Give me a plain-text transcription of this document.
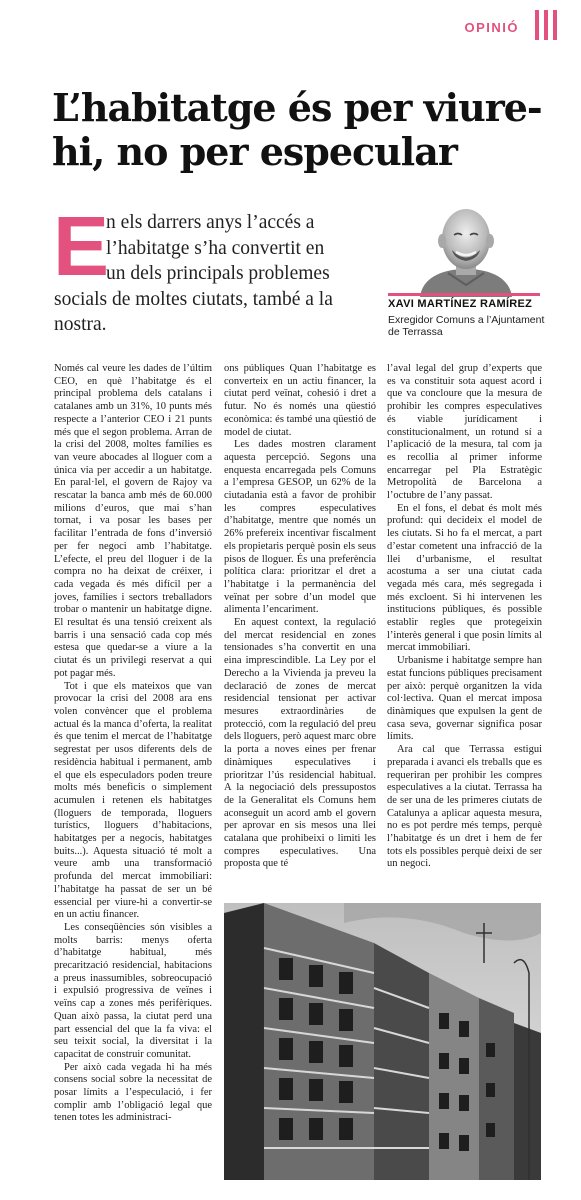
OPINIÓ
L’habitatge és per viure-
hi, no per especular
E
n els darrers anys l’accés a
l’habitatge s’ha convertit en
un dels principals problemes
socials de moltes ciutats, també a la
nostra.
XAVI MARTÍNEZ RAMÍREZ
Exregidor Comuns a l’Ajuntament de Terrassa

Només cal veure les dades de l’últim CEO, en què l’habitatge és el principal problema dels catalans i catalanes amb un 31%, 10 punts més respecte a l’anterior CEO i 21 punts més que el segon problema. Arran de la crisi del 2008, moltes famílies es van veure abocades al lloguer com a única via per accedir a un habitatge. En paral·lel, el govern de Rajoy va rescatar la banca amb més de 60.000 milions d’euros, que mai s’han tornat, i va posar les bases per facilitar l’entrada de fons d’inversió per fer negoci amb l’habitatge. L’efecte, el preu del lloguer i de la compra no ha deixat de créixer, i cada vegada és més difícil per a joves, famílies i sectors treballadors trobar o mantenir un habitatge digne. El resultat és una tensió creixent als barris i una sensació cada cop més estesa que quedar-se a viure a la ciutat és un privilegi reservat a qui pot pagar més.

Tot i que els mateixos que van provocar la crisi del 2008 ara ens volen convèncer que el problema actual és la manca d’oferta, la realitat és que tenim el mercat de l’habitatge segrestat per usos diferents dels de residència habitual i permanent, amb el que els especuladors poden treure molts més beneficis o simplement acumulen i retenen els habitatges (lloguers de temporada, lloguers turístics, lloguers d’habitacions, habitatges per a negocis, habitatges buits...). Aquesta situació té molt a veure amb una transformació profunda del mercat immobiliari: l’habitatge ha passat de ser un bé essencial per viure-hi a convertir-se en un actiu financer.

Les conseqüències són visibles a molts barris: menys oferta d’habitatge habitual, més precarització residencial, habitacions a preus inassumibles, sobreocupació i expulsió progressiva de veïnes i veïns cap a zones més perifèriques. Quan això passa, la ciutat perd una part essencial del que la fa viva: el seu teixit social, la diversitat i la capacitat de construir comunitat.

Per això cada vegada hi ha més consens social sobre la necessitat de posar límits a l’especulació, i fer complir amb l’obligació legal que tenen totes les administraci-

ons públiques Quan l’habitatge es converteix en un actiu financer, la ciutat perd veïnat, cohesió i dret a futur. No és només una qüestió econòmica: és també una qüestió de model de ciutat.

Les dades mostren clarament aquesta percepció. Segons una enquesta encarregada pels Comuns a l’empresa GESOP, un 62% de la ciutadania està a favor de prohibir les compres especulatives d’habitatge, mentre que només un 26% prefereix incentivar fiscalment els propietaris perquè posin els seus pisos de lloguer. És una preferència política clara: prioritzar el dret a l’habitatge i la permanència del veïnat per sobre d’un model que alimenta l’encariment.

En aquest context, la regulació del mercat residencial en zones tensionades s’ha convertit en una eina imprescindible. La Ley por el Derecho a la Vivienda ja preveu la declaració de zones de mercat residencial tensionat per activar mesures extraordinàries de protecció, com la regulació del preu dels lloguers, però aquest marc obre la porta a noves eines per frenar dinàmiques especulatives i prioritzar l’ús residencial habitual. A la negociació dels pressupostos de la Generalitat els Comuns hem aconseguit un acord amb el govern per aprovar en sis mesos una llei catalana que prohibeixi o limiti les compres especulatives. Una proposta que té

l’aval legal del grup d’experts que es va constituir sota aquest acord i que va concloure que la mesura de prohibir les compres especulatives és viable jurídicament i constitucionalment, un rotund sí a l’aplicació de la mesura, tal com ja es recollia al primer informe encarregar pel Pla Estratègic Metropolità de Barcelona a l’octubre de l’any passat.

En el fons, el debat és molt més profund: qui decideix el model de les ciutats. Si ho fa el mercat, a part d’estar cometent una infracció de la llei d’urbanisme, el resultat acostuma a ser una ciutat cada vegada més cara, més segregada i més excloent. Si hi intervenen les institucions públiques, és possible establir regles que protegeixin l’interès general i que posin límits al mercat immobiliari.

Urbanisme i habitatge sempre han estat funcions públiques precisament per això: perquè organitzen la vida col·lectiva. Quan el mercat imposa dinàmiques que expulsen la gent de casa seva, governar significa posar límits.

Ara cal que Terrassa estigui preparada i avanci els treballs que es requeriran per prohibir les compres especulatives a la ciutat. Terrassa ha de ser una de les primeres ciutats de Catalunya a aplicar aquesta mesura, no es pot perdre més temps, perquè l’habitatge és un dret i hem de fer tots els possibles perquè deixi de ser un negoci.
